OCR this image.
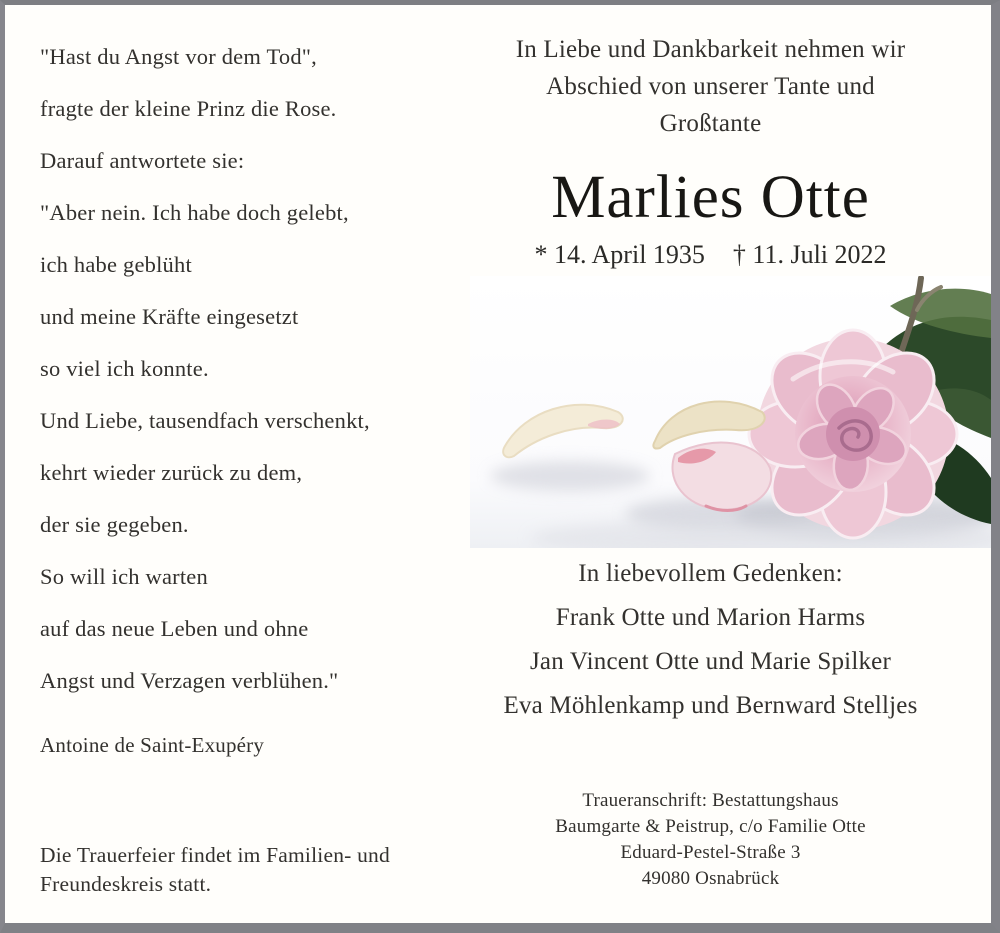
"Hast du Angst vor dem Tod",
fragte der kleine Prinz die Rose.
Darauf antwortete sie:
"Aber nein. Ich habe doch gelebt,
ich habe geblüht
und meine Kräfte eingesetzt
so viel ich konnte.
Und Liebe, tausendfach verschenkt,
kehrt wieder zurück zu dem,
der sie gegeben.
So will ich warten
auf das neue Leben und ohne
Angst und Verzagen verblühen."
Antoine de Saint-Exupéry
Die Trauerfeier findet im Familien- und
Freundeskreis statt.
In Liebe und Dankbarkeit nehmen wir
Abschied von unserer Tante und
Großtante
Marlies Otte
* 14. April 1935 † 11. Juli 2022
In liebevollem Gedenken:
Frank Otte und Marion Harms
Jan Vincent Otte und Marie Spilker
Eva Möhlenkamp und Bernward Stelljes
Traueranschrift: Bestattungshaus
Baumgarte & Peistrup, c/o Familie Otte
Eduard-Pestel-Straße 3
49080 Osnabrück
